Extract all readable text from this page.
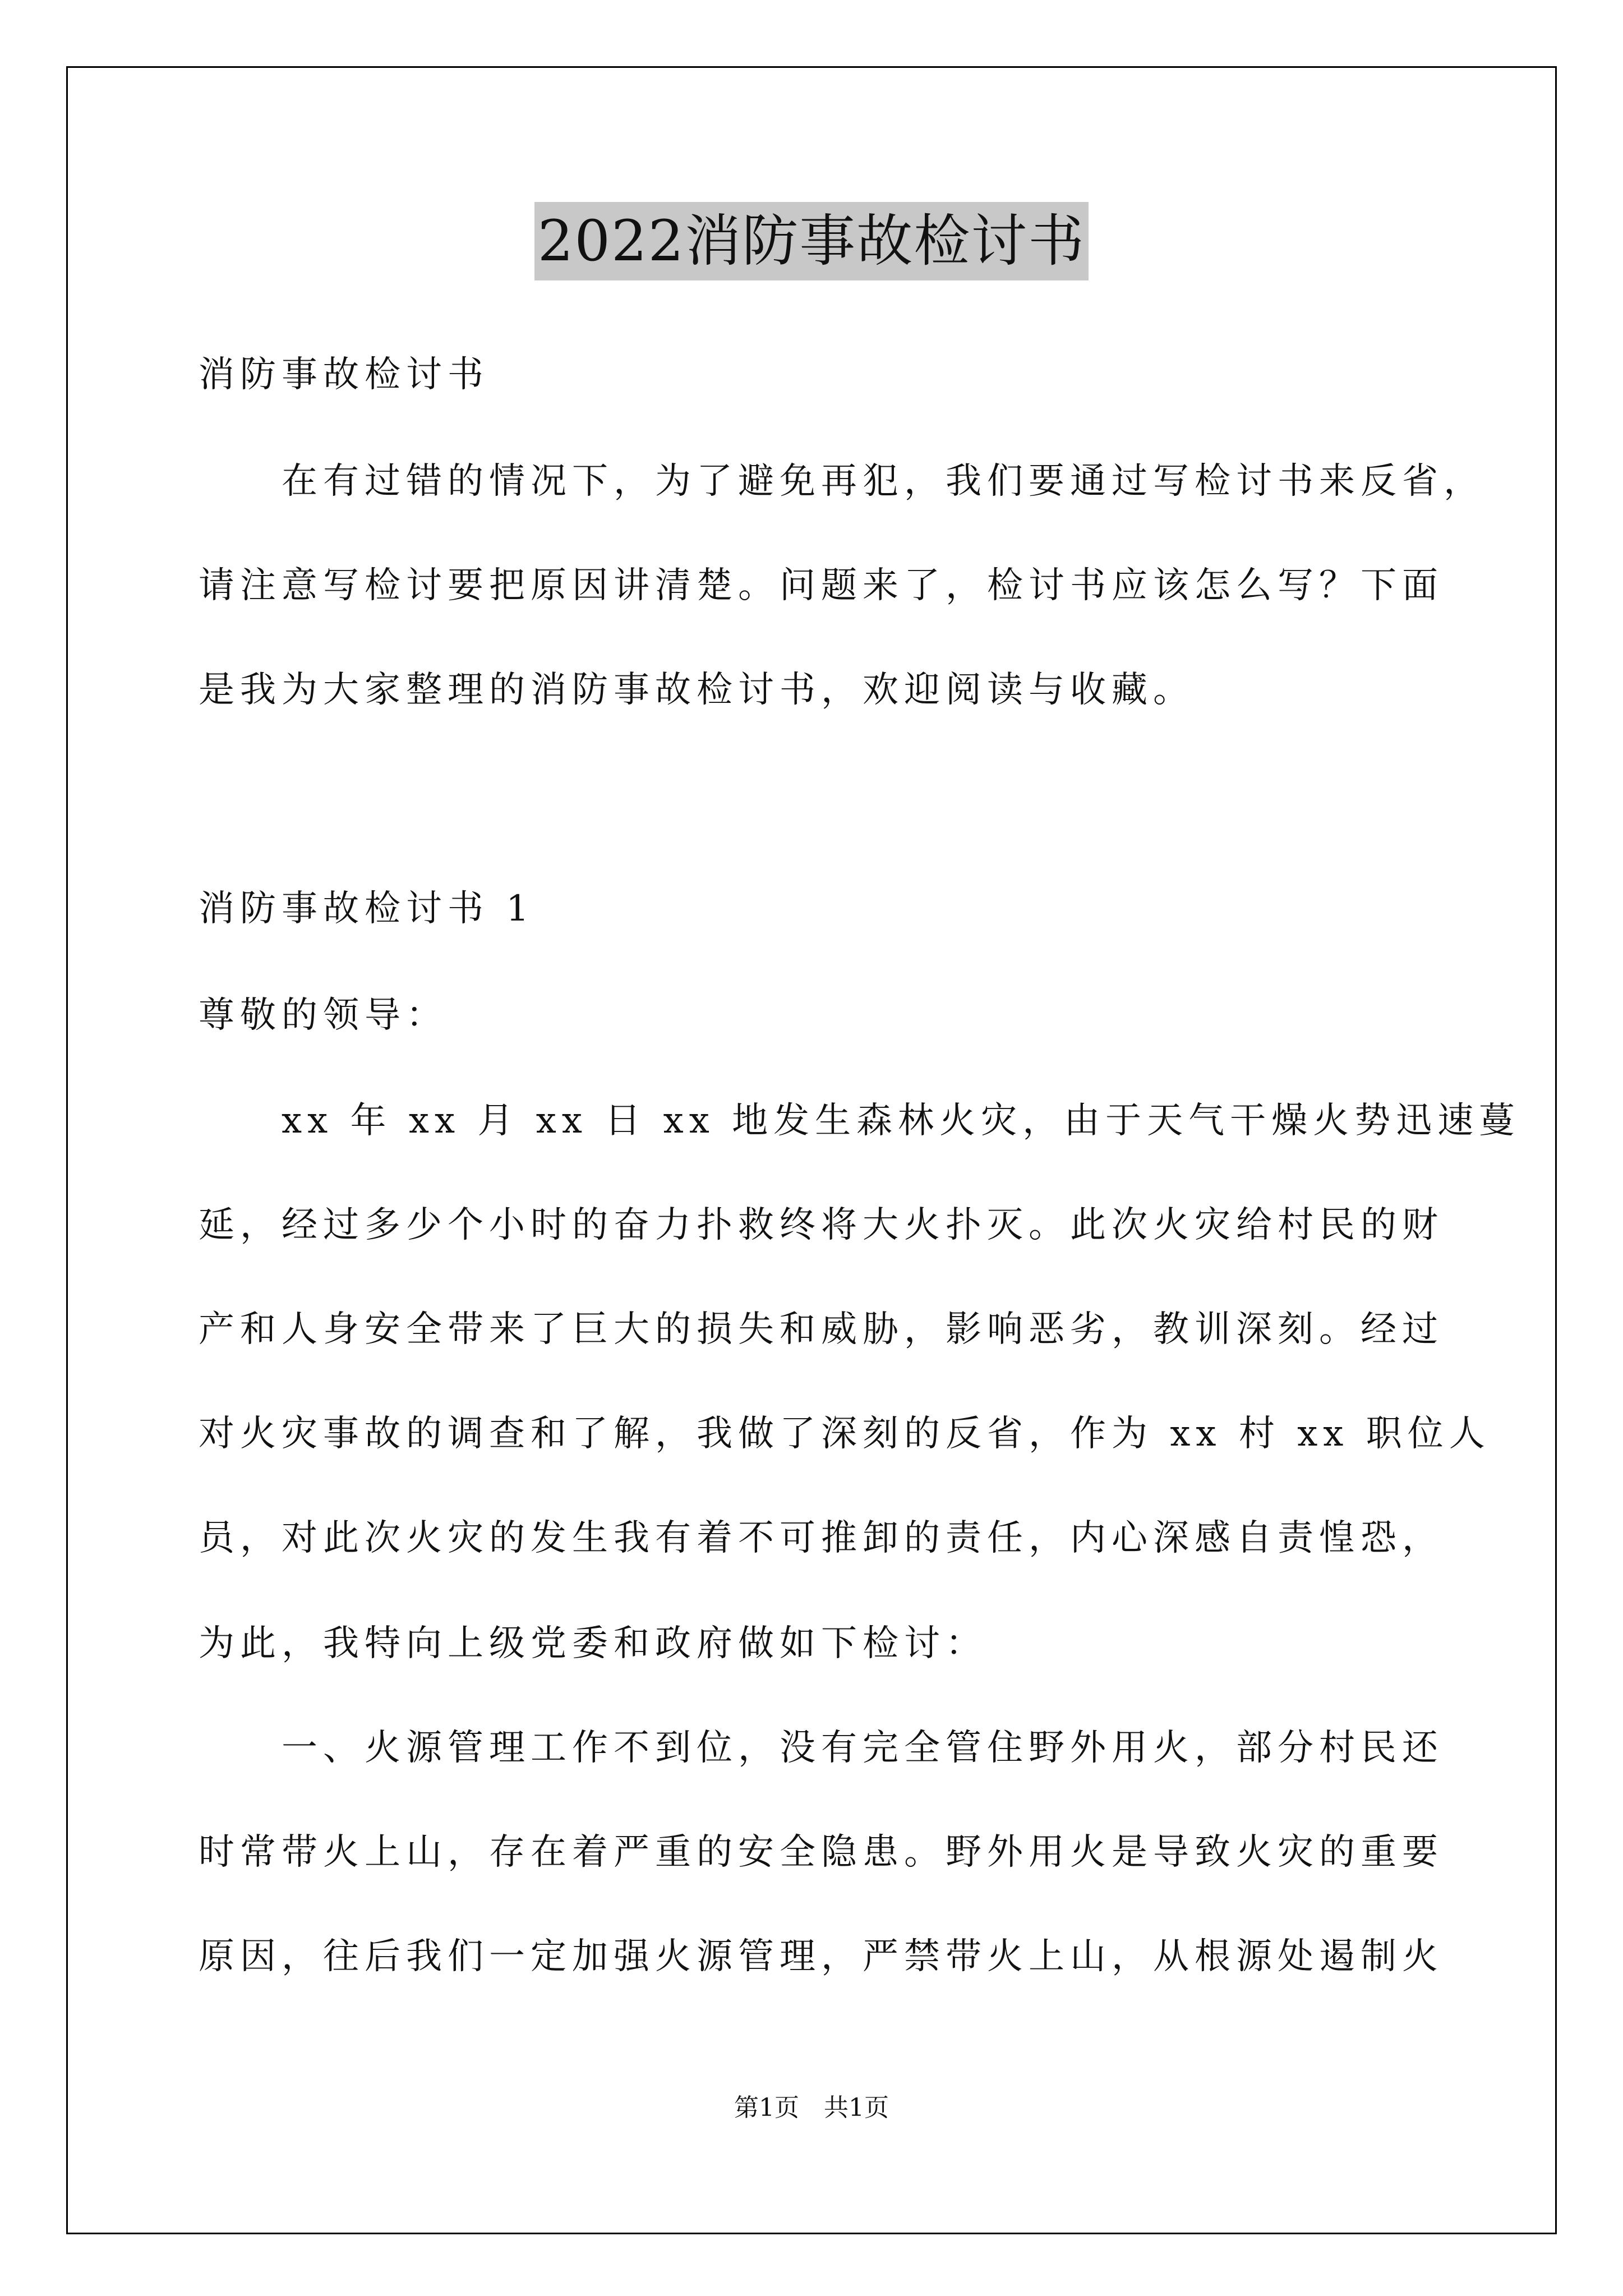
2022消防事故检讨书
消防事故检讨书
　　在有过错的情况下，为了避免再犯，我们要通过写检讨书来反省，
请注意写检讨要把原因讲清楚。问题来了，检讨书应该怎么写？下面
是我为大家整理的消防事故检讨书，欢迎阅读与收藏。
消防事故检讨书 1
尊敬的领导：
　　xx 年 xx 月 xx 日 xx 地发生森林火灾，由于天气干燥火势迅速蔓
延，经过多少个小时的奋力扑救终将大火扑灭。此次火灾给村民的财
产和人身安全带来了巨大的损失和威胁，影响恶劣，教训深刻。经过
对火灾事故的调查和了解，我做了深刻的反省，作为 xx 村 xx 职位人
员，对此次火灾的发生我有着不可推卸的责任，内心深感自责惶恐，
为此，我特向上级党委和政府做如下检讨：
　　一、火源管理工作不到位，没有完全管住野外用火，部分村民还
时常带火上山，存在着严重的安全隐患。野外用火是导致火灾的重要
原因，往后我们一定加强火源管理，严禁带火上山，从根源处遏制火
第1页　共1页
